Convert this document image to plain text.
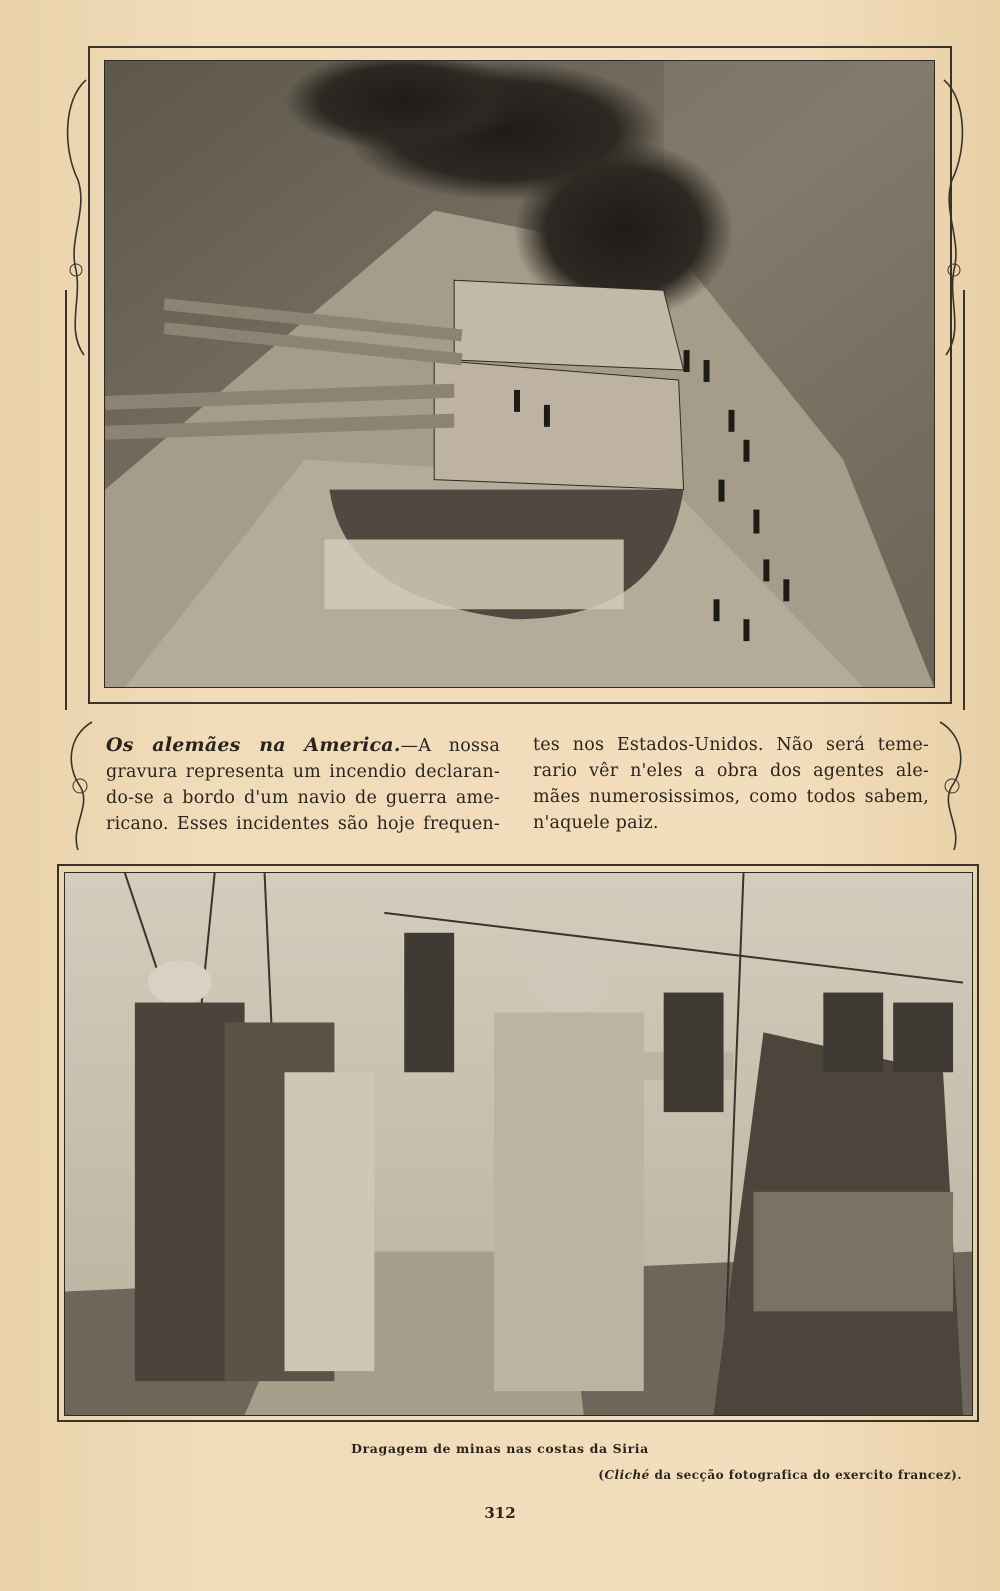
Os alemães na America.—A nossa
gravura representa um incendio declaran-
do-se a bordo d'um navio de guerra ame-
ricano. Esses incidentes são hoje frequen-
tes nos Estados-Unidos. Não será teme-
rario vêr n'eles a obra dos agentes ale-
mães numerosissimos, como todos sabem,
n'aquele paiz.
Dragagem de minas nas costas da Siria
(Cliché da secção fotografica do exercito francez).
312
